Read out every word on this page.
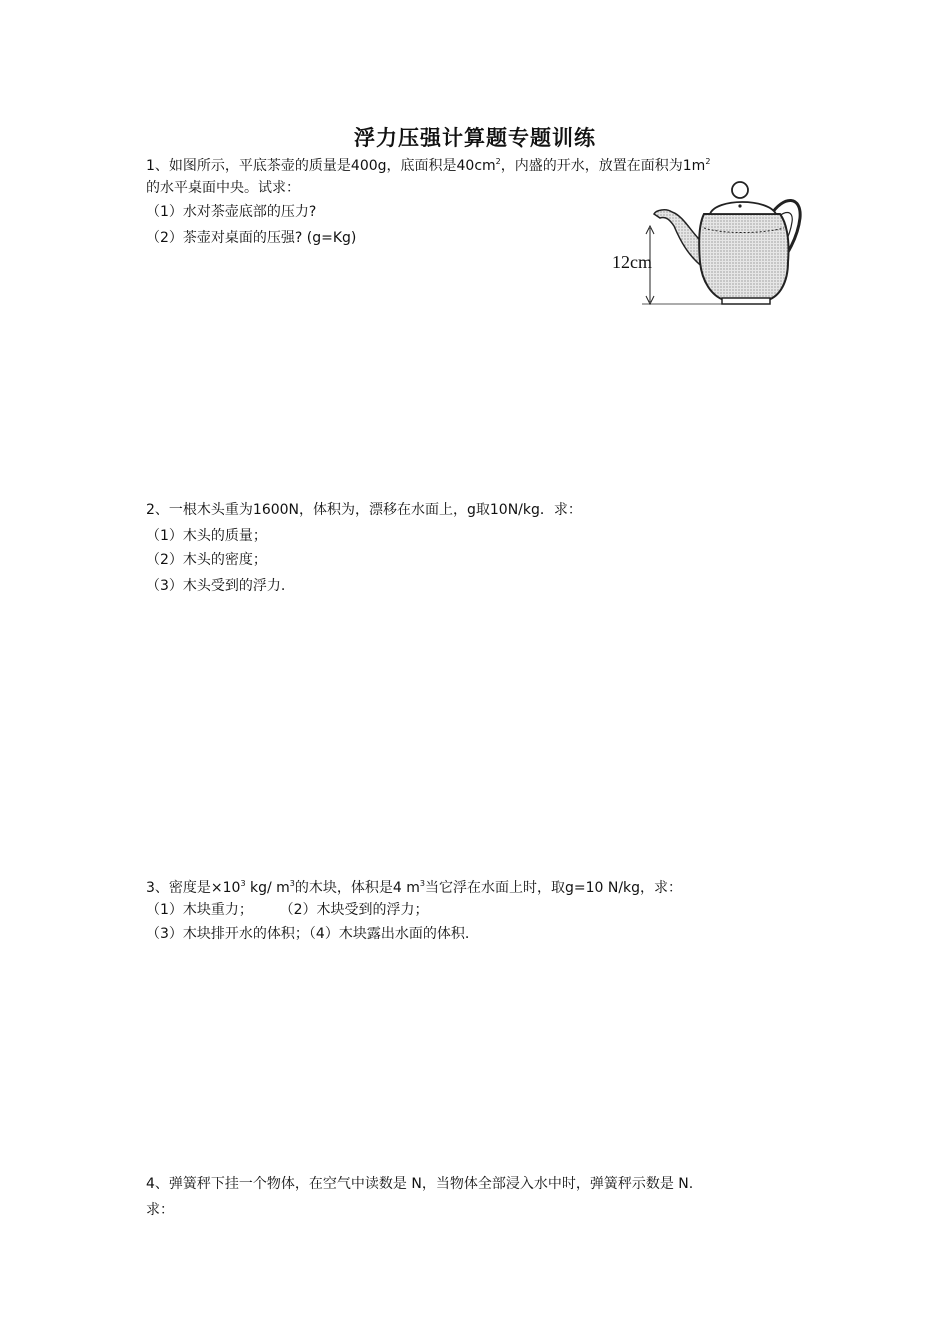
浮力压强计算题专题训练
1、如图所示，平底茶壶的质量是400g，底面积是$40cm^2$，内盛的开水，放置在面积为$1m^2$
的水平桌面中央。试求：
（1）水对茶壶底部的压力?
（2）茶壶对桌面的压强? (g=Kg)
12cm
2、一根木头重为1600N，体积为，漂移在水面上，g取10N/kg．求：
（1）木头的质量；
（2）木头的密度；
（3）木头受到的浮力.
3、密度是$\times 10^3$ kg/ $m^3$的木块，体积是4 $m^3$当它浮在水面上时，取g=10 N/kg，求：
（1）木块重力；      （2）木块受到的浮力；
（3）木块排开水的体积；（4）木块露出水面的体积.
4、弹簧秤下挂一个物体，在空气中读数是 N，当物体全部浸入水中时，弹簧秤示数是 N.
求：
